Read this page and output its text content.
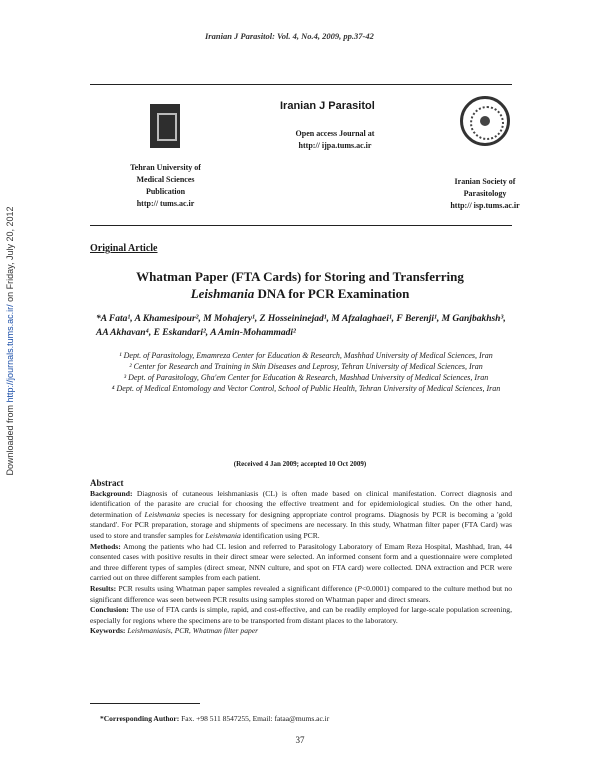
Downloaded from http://journals.tums.ac.ir/ on Friday, July 20, 2012
Iranian J Parasitol: Vol. 4, No.4, 2009, pp.37-42
Tehran University of
Medical Sciences
Publication
http:// tums.ac.ir
Iranian J Parasitol
Open access Journal at
http:// ijpa.tums.ac.ir
Iranian Society of
Parasitology
http:// isp.tums.ac.ir
Original Article
Whatman Paper (FTA Cards) for Storing and Transferring
Leishmania DNA for PCR Examination
*A Fata¹, A Khamesipour², M Mohajery¹, Z Hosseininejad¹, M Afzalaghaei¹, F Berenji¹, M Ganjbakhsh³, AA Akhavan⁴, E Eskandari², A Amin-Mohammadi²
¹ Dept. of Parasitology, Emamreza Center for Education & Research, Mashhad University of Medical Sciences, Iran
² Center for Research and Training in Skin Diseases and Leprosy, Tehran University of Medical Sciences, Iran
³ Dept. of Parasitology, Gha'em Center for Education & Research, Mashhad University of Medical Sciences, Iran
⁴ Dept. of Medical Entomology and Vector Control, School of Public Health, Tehran University of Medical Sciences, Iran
(Received 4 Jan 2009; accepted 10 Oct 2009)
Abstract
Background: Diagnosis of cutaneous leishmaniasis (CL) is often made based on clinical manifestation. Correct diagnosis and identification of the parasite are crucial for choosing the effective treatment and for epidemiological studies. On the other hand, determination of Leishmania species is necessary for designing appropriate control programs. Diagnosis by PCR is becoming a 'gold standard'. For PCR preparation, storage and shipments of specimens are necessary. In this study, Whatman filter paper (FTA Card) was used to store and transfer samples for Leishmania identification using PCR.
Methods: Among the patients who had CL lesion and referred to Parasitology Laboratory of Emam Reza Hospital, Mashhad, Iran, 44 consented cases with positive results in their direct smear were selected. An informed consent form and a questionnaire were completed and three different types of samples (direct smear, NNN culture, and spot on FTA card) were collected. DNA extraction and PCR were carried out on three different samples from each patient.
Results: PCR results using Whatman paper samples revealed a significant difference (P<0.0001) compared to the culture method but no significant difference was seen between PCR results using samples stored on Whatman paper and direct smears.
Conclusion: The use of FTA cards is simple, rapid, and cost-effective, and can be readily employed for large-scale population screening, especially for regions where the specimens are to be transported from distant places to the laboratory.
Keywords: Leishmaniasis, PCR, Whatman filter paper
*Corresponding Author: Fax. +98 511 8547255, Email: fataa@mums.ac.ir
37
